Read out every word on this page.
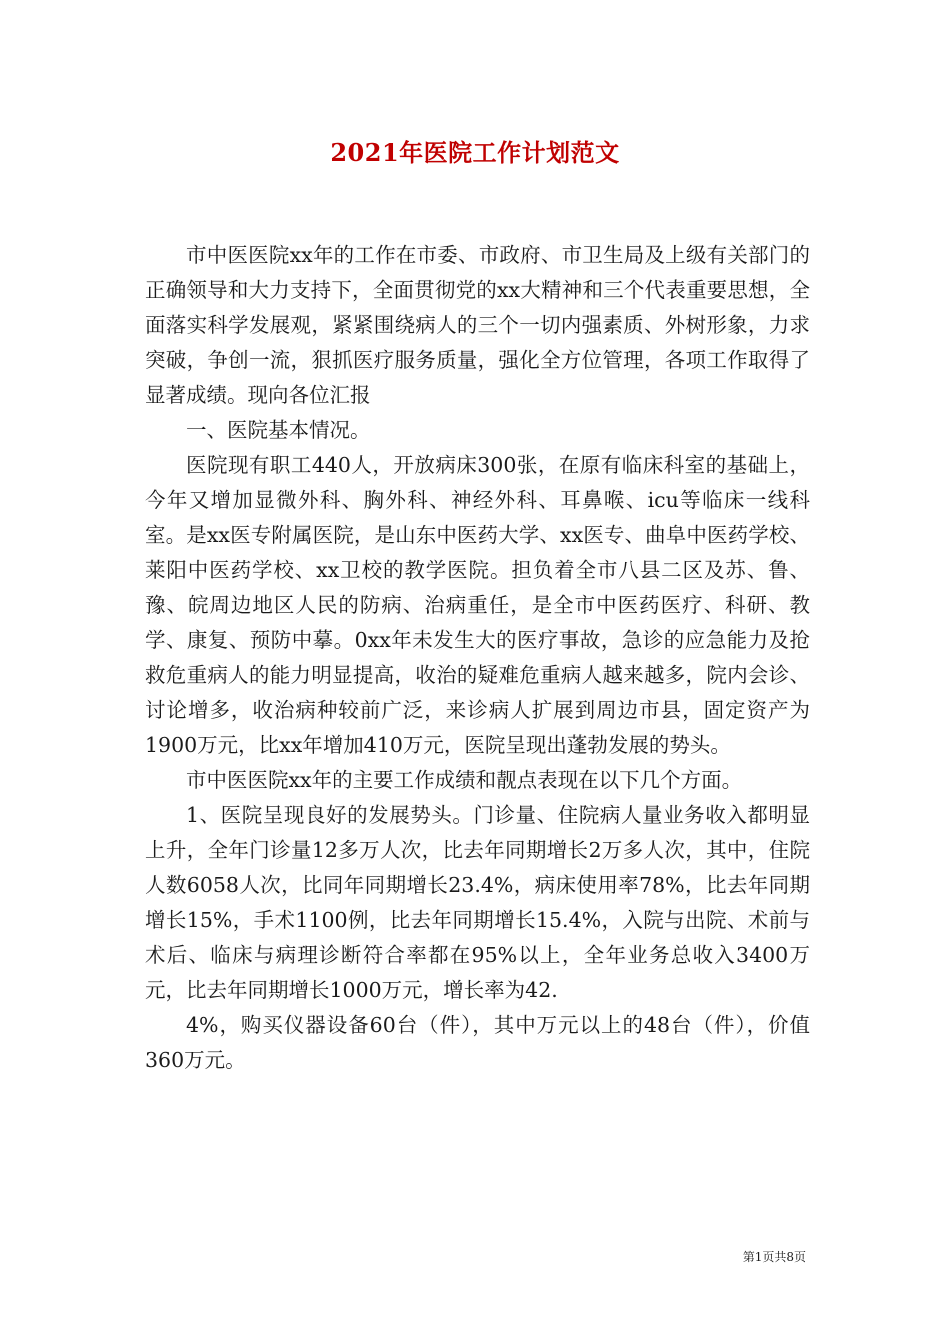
2021年医院工作计划范文

市中医医院xx年的工作在市委、市政府、市卫生局及上级有关部门的正确领导和大力支持下，全面贯彻党的xx大精神和三个代表重要思想，全面落实科学发展观，紧紧围绕病人的三个一切内强素质、外树形象，力求突破，争创一流，狠抓医疗服务质量，强化全方位管理，各项工作取得了显著成绩。现向各位汇报

一、医院基本情况。

医院现有职工440人，开放病床300张，在原有临床科室的基础上，今年又增加显微外科、胸外科、神经外科、耳鼻喉、icu等临床一线科室。是xx医专附属医院，是山东中医药大学、xx医专、曲阜中医药学校、莱阳中医药学校、xx卫校的教学医院。担负着全市八县二区及苏、鲁、豫、皖周边地区人民的防病、治病重任，是全市中医药医疗、科研、教学、康复、预防中摹。0xx年未发生大的医疗事故，急诊的应急能力及抢救危重病人的能力明显提高，收治的疑难危重病人越来越多，院内会诊、讨论增多，收治病种较前广泛，来诊病人扩展到周边市县，固定资产为1900万元，比xx年增加410万元，医院呈现出蓬勃发展的势头。

市中医医院xx年的主要工作成绩和靓点表现在以下几个方面。

1、医院呈现良好的发展势头。门诊量、住院病人量业务收入都明显上升，全年门诊量12多万人次，比去年同期增长2万多人次，其中，住院人数6058人次，比同年同期增长23.4%，病床使用率78%，比去年同期增长15%，手术1100例，比去年同期增长15.4%，入院与出院、术前与术后、临床与病理诊断符合率都在95%以上，全年业务总收入3400万元，比去年同期增长1000万元，增长率为42.

4%，购买仪器设备60台（件），其中万元以上的48台（件），价值360万元。

第1页共8页
